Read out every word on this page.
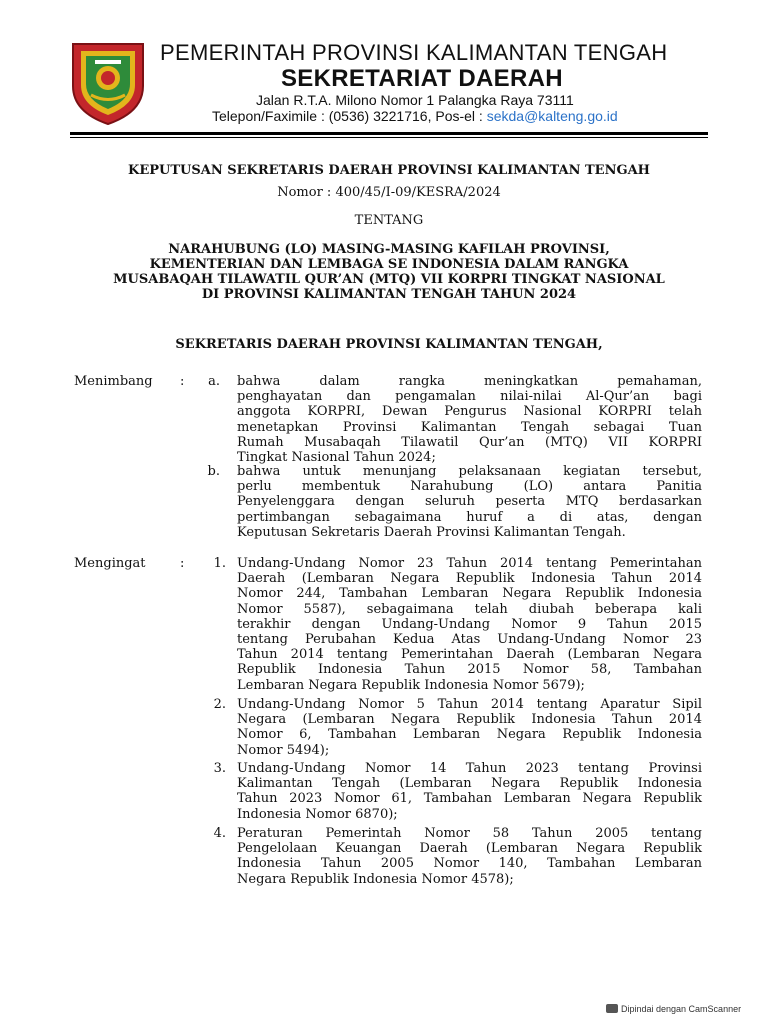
PEMERINTAH PROVINSI KALIMANTAN TENGAH
SEKRETARIAT DAERAH
Jalan R.T.A. Milono Nomor 1 Palangka Raya 73111
Telepon/Faximile : (0536) 3221716, Pos-el : sekda@kalteng.go.id
KEPUTUSAN SEKRETARIS DAERAH PROVINSI KALIMANTAN TENGAH
Nomor : 400/45/I-09/KESRA/2024
TENTANG
NARAHUBUNG (LO) MASING-MASING KAFILAH PROVINSI,
KEMENTERIAN DAN LEMBAGA SE INDONESIA DALAM RANGKA
MUSABAQAH TILAWATIL QUR’AN (MTQ) VII KORPRI TINGKAT NASIONAL
DI PROVINSI KALIMANTAN TENGAH TAHUN 2024
SEKRETARIS DAERAH PROVINSI KALIMANTAN TENGAH,
Menimbang :	a. bahwa dalam rangka meningkatkan pemahaman,
penghayatan dan pengamalan nilai-nilai Al-Qur’an bagi
anggota KORPRI, Dewan Pengurus Nasional KORPRI telah
menetapkan Provinsi Kalimantan Tengah sebagai Tuan
Rumah Musabaqah Tilawatil Qur’an (MTQ) VII KORPRI
Tingkat Nasional Tahun 2024;
b. bahwa untuk menunjang pelaksanaan kegiatan tersebut,
perlu membentuk Narahubung (LO) antara Panitia
Penyelenggara dengan seluruh peserta MTQ berdasarkan
pertimbangan sebagaimana huruf a di atas, dengan
Keputusan Sekretaris Daerah Provinsi Kalimantan Tengah.
Mengingat	:	1. Undang-Undang Nomor 23 Tahun 2014 tentang Pemerintahan
Daerah (Lembaran Negara Republik Indonesia Tahun 2014
Nomor 244, Tambahan Lembaran Negara Republik Indonesia
Nomor 5587), sebagaimana telah diubah beberapa kali
terakhir dengan Undang-Undang Nomor 9 Tahun 2015
tentang Perubahan Kedua Atas Undang-Undang Nomor 23
Tahun 2014 tentang Pemerintahan Daerah (Lembaran Negara
Republik Indonesia Tahun 2015 Nomor 58, Tambahan
Lembaran Negara Republik Indonesia Nomor 5679);
2. Undang-Undang Nomor 5 Tahun 2014 tentang Aparatur Sipil
Negara (Lembaran Negara Republik Indonesia Tahun 2014
Nomor 6, Tambahan Lembaran Negara Republik Indonesia
Nomor 5494);
3. Undang-Undang Nomor 14 Tahun 2023 tentang Provinsi
Kalimantan Tengah (Lembaran Negara Republik Indonesia
Tahun 2023 Nomor 61, Tambahan Lembaran Negara Republik
Indonesia Nomor 6870);
4. Peraturan Pemerintah Nomor 58 Tahun 2005 tentang
Pengelolaan Keuangan Daerah (Lembaran Negara Republik
Indonesia Tahun 2005 Nomor 140, Tambahan Lembaran
Negara Republik Indonesia Nomor 4578);
Dipindai dengan CamScanner
